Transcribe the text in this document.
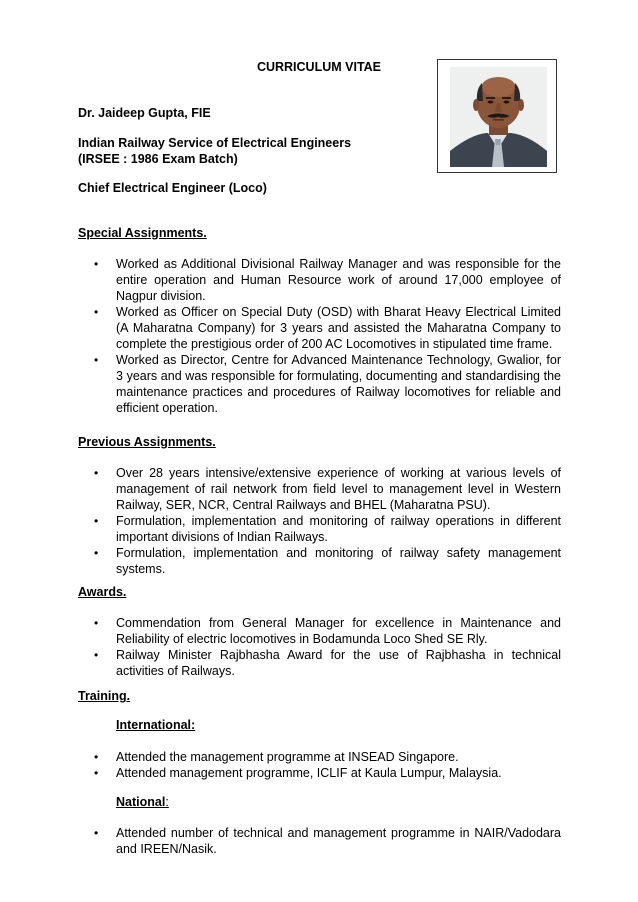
CURRICULUM VITAE
Dr. Jaideep Gupta, FIE
Indian Railway Service of Electrical Engineers
(IRSEE : 1986 Exam Batch)
Chief Electrical Engineer (Loco)
Special Assignments.
• Worked as Additional Divisional Railway Manager and was responsible for the entire operation and Human Resource work of around 17,000 employee of Nagpur division.
• Worked as Officer on Special Duty (OSD) with Bharat Heavy Electrical Limited (A Maharatna Company) for 3 years and assisted the Maharatna Company to complete the prestigious order of 200 AC Locomotives in stipulated time frame.
• Worked as Director, Centre for Advanced Maintenance Technology, Gwalior, for 3 years and was responsible for formulating, documenting and standardising the maintenance practices and procedures of Railway locomotives for reliable and efficient operation.
Previous Assignments.
• Over 28 years intensive/extensive experience of working at various levels of management of rail network from field level to management level in Western Railway, SER, NCR, Central Railways and BHEL (Maharatna PSU).
• Formulation, implementation and monitoring of railway operations in different important divisions of Indian Railways.
• Formulation, implementation and monitoring of railway safety management systems.
Awards.
• Commendation from General Manager for excellence in Maintenance and Reliability of electric locomotives in Bodamunda Loco Shed SE Rly.
• Railway Minister Rajbhasha Award for the use of Rajbhasha in technical activities of Railways.
Training.
International:
• Attended the management programme at INSEAD Singapore.
• Attended management programme, ICLIF at Kaula Lumpur, Malaysia.
National:
• Attended number of technical and management programme in NAIR/Vadodara and IREEN/Nasik.
